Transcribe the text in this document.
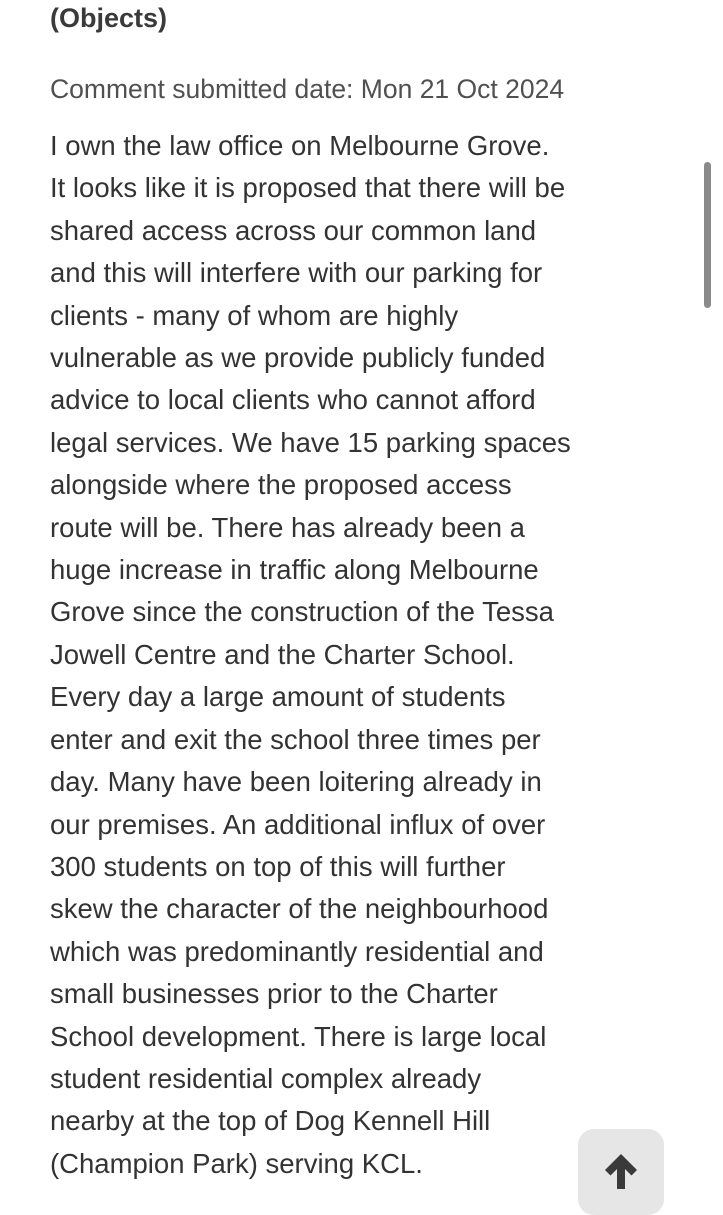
(Objects)

Comment submitted date: Mon 21 Oct 2024

I own the law office on Melbourne Grove.
It looks like it is proposed that there will be
shared access across our common land
and this will interfere with our parking for
clients - many of whom are highly
vulnerable as we provide publicly funded
advice to local clients who cannot afford
legal services. We have 15 parking spaces
alongside where the proposed access
route will be. There has already been a
huge increase in traffic along Melbourne
Grove since the construction of the Tessa
Jowell Centre and the Charter School.
Every day a large amount of students
enter and exit the school three times per
day. Many have been loitering already in
our premises. An additional influx of over
300 students on top of this will further
skew the character of the neighbourhood
which was predominantly residential and
small businesses prior to the Charter
School development. There is large local
student residential complex already
nearby at the top of Dog Kennell Hill
(Champion Park) serving KCL.
